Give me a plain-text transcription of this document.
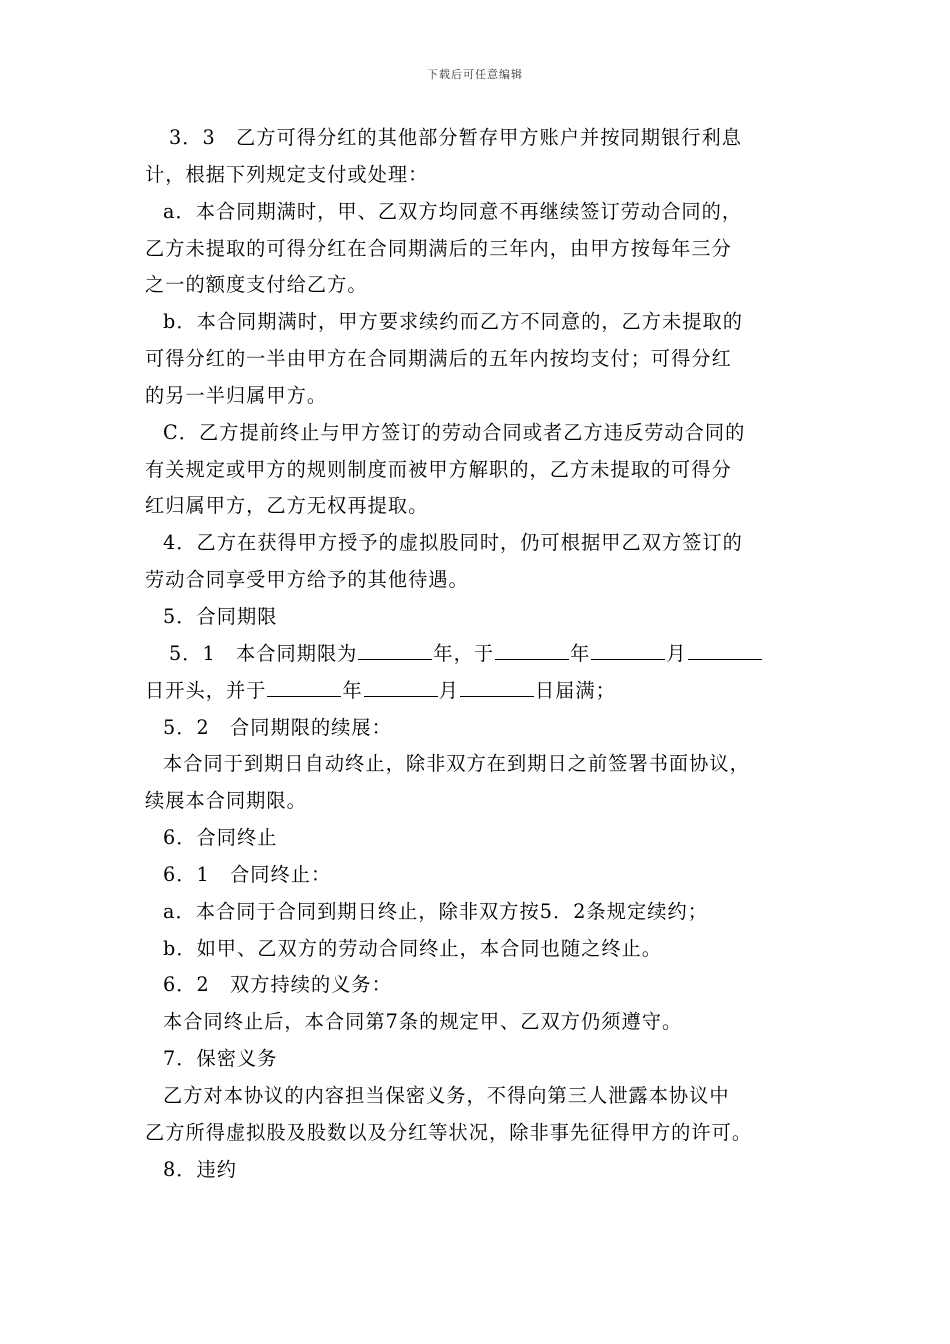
下载后可任意编辑
3．3　乙方可得分红的其他部分暂存甲方账户并按同期银行利息
计，根据下列规定支付或处理：
a．本合同期满时，甲、乙双方均同意不再继续签订劳动合同的，
乙方未提取的可得分红在合同期满后的三年内，由甲方按每年三分
之一的额度支付给乙方。
b．本合同期满时，甲方要求续约而乙方不同意的，乙方未提取的
可得分红的一半由甲方在合同期满后的五年内按均支付；可得分红
的另一半归属甲方。
C．乙方提前终止与甲方签订的劳动合同或者乙方违反劳动合同的
有关规定或甲方的规则制度而被甲方解职的，乙方未提取的可得分
红归属甲方，乙方无权再提取。
4．乙方在获得甲方授予的虚拟股同时，仍可根据甲乙双方签订的
劳动合同享受甲方给予的其他待遇。
5．合同期限
5．1　本合同期限为	年，于	年	月
日开头，并于	年	月	日届满；
5．2　合同期限的续展：
本合同于到期日自动终止，除非双方在到期日之前签署书面协议，
续展本合同期限。
6．合同终止
6．1　合同终止：
a．本合同于合同到期日终止，除非双方按5．2条规定续约；
b．如甲、乙双方的劳动合同终止，本合同也随之终止。
6．2　双方持续的义务：
本合同终止后，本合同第7条的规定甲、乙双方仍须遵守。
7．保密义务
乙方对本协议的内容担当保密义务，不得向第三人泄露本协议中
乙方所得虚拟股及股数以及分红等状况，除非事先征得甲方的许可。
8．违约
